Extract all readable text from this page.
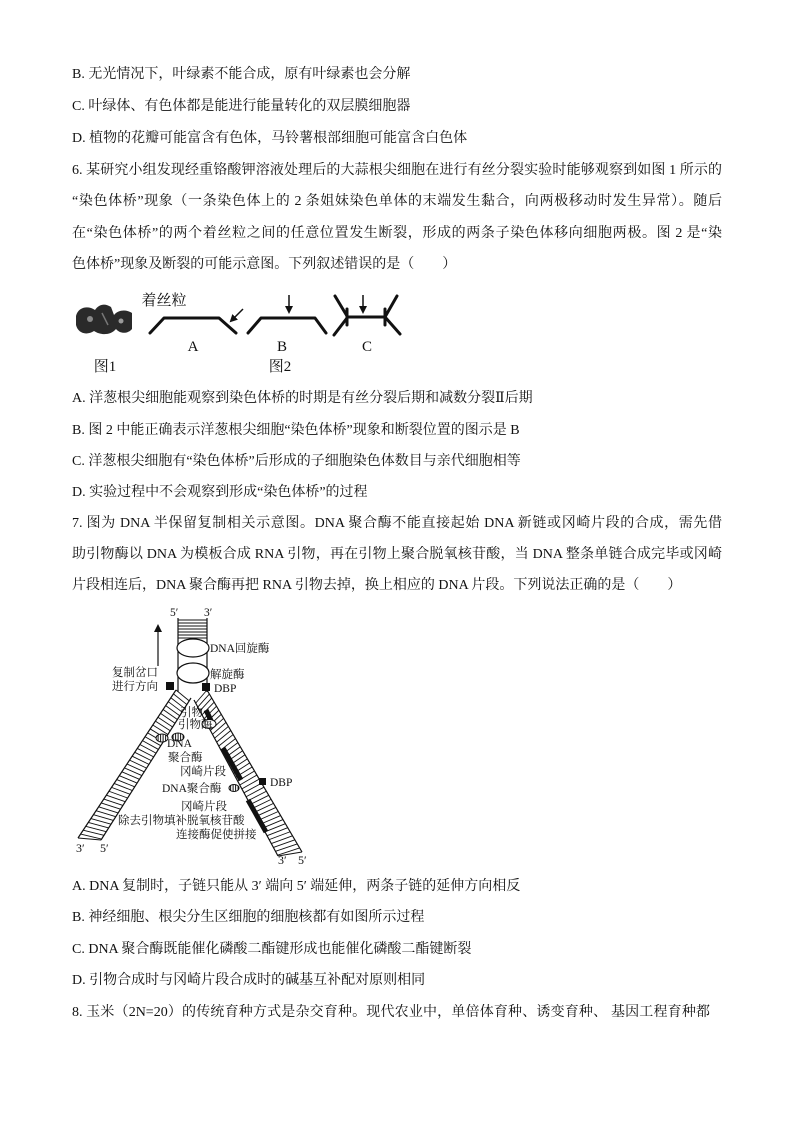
B. 无光情况下，叶绿素不能合成，原有叶绿素也会分解
C. 叶绿体、有色体都是能进行能量转化的双层膜细胞器
D. 植物的花瓣可能富含有色体，马铃薯根部细胞可能富含白色体
6. 某研究小组发现经重铬酸钾溶液处理后的大蒜根尖细胞在进行有丝分裂实验时能够观察到如图 1 所示的
“染色体桥”现象（一条染色体上的 2 条姐妹染色单体的末端发生黏合，向两极移动时发生异常）。随后
在“染色体桥”的两个着丝粒之间的任意位置发生断裂，形成的两条子染色体移向细胞两极。图 2 是“染
色体桥”现象及断裂的可能示意图。下列叙述错误的是（　　）
着丝粒
A	B	C
图1	图2
A. 洋葱根尖细胞能观察到染色体桥的时期是有丝分裂后期和减数分裂Ⅱ后期
B. 图 2 中能正确表示洋葱根尖细胞“染色体桥”现象和断裂位置的图示是 B
C. 洋葱根尖细胞有“染色体桥”后形成的子细胞染色体数目与亲代细胞相等
D. 实验过程中不会观察到形成“染色体桥”的过程
7. 图为 DNA 半保留复制相关示意图。DNA 聚合酶不能直接起始 DNA 新链或冈崎片段的合成，需先借
助引物酶以 DNA 为模板合成 RNA 引物，再在引物上聚合脱氧核苷酸，当 DNA 整条单链合成完毕或冈崎
片段相连后，DNA 聚合酶再把 RNA 引物去掉，换上相应的 DNA 片段。下列说法正确的是（　　）
5′ 3′
DNA回旋酶
解旋酶
复制岔口
进行方向	DBP
DBP
引物
引物酶
DNA
聚合酶
冈崎片段
DNA聚合酶
冈崎片段
除去引物填补脱氧核苷酸
连接酶促使拼接
3′ 5′
3′ 5′
A. DNA 复制时，子链只能从 3′ 端向 5′ 端延伸，两条子链的延伸方向相反
B. 神经细胞、根尖分生区细胞的细胞核都有如图所示过程
C. DNA 聚合酶既能催化磷酸二酯键形成也能催化磷酸二酯键断裂
D. 引物合成时与冈崎片段合成时的碱基互补配对原则相同
8. 玉米（2N=20）的传统育种方式是杂交育种。现代农业中，单倍体育种、诱变育种、 基因工程育种都
